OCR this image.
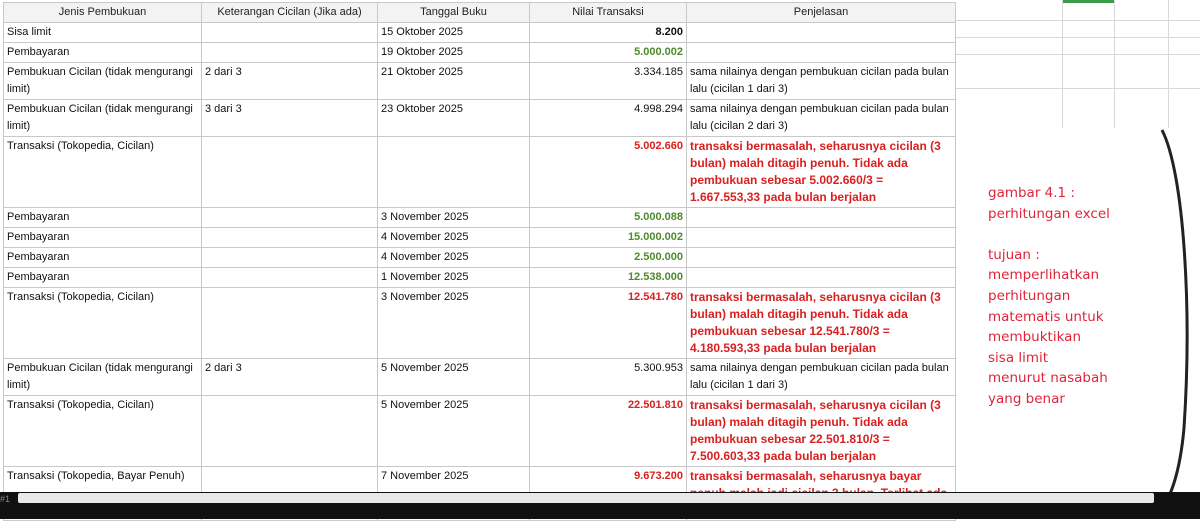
Jenis Pembukuan	Keterangan Cicilan (Jika ada)	Tanggal Buku	Nilai Transaksi	Penjelasan
Sisa limit		15 Oktober 2025	8.200	
Pembayaran		19 Oktober 2025	5.000.002	
Pembukuan Cicilan (tidak mengurangi limit)	2 dari 3	21 Oktober 2025	3.334.185	sama nilainya dengan pembukuan cicilan pada bulan lalu (cicilan 1 dari 3)
Pembukuan Cicilan (tidak mengurangi limit)	3 dari 3	23 Oktober 2025	4.998.294	sama nilainya dengan pembukuan cicilan pada bulan lalu (cicilan 2 dari 3)
Transaksi (Tokopedia, Cicilan)			5.002.660	transaksi bermasalah, seharusnya cicilan (3 bulan) malah ditagih penuh. Tidak ada pembukuan sebesar 5.002.660/3 = 1.667.553,33 pada bulan berjalan
Pembayaran		3 November 2025	5.000.088	
Pembayaran		4 November 2025	15.000.002	
Pembayaran		4 November 2025	2.500.000	
Pembayaran		1 November 2025	12.538.000	
Transaksi (Tokopedia, Cicilan)		3 November 2025	12.541.780	transaksi bermasalah, seharusnya cicilan (3 bulan) malah ditagih penuh. Tidak ada pembukuan sebesar 12.541.780/3 = 4.180.593,33 pada bulan berjalan
Pembukuan Cicilan (tidak mengurangi limit)	2 dari 3	5 November 2025	5.300.953	sama nilainya dengan pembukuan cicilan pada bulan lalu (cicilan 1 dari 3)
Transaksi (Tokopedia, Cicilan)		5 November 2025	22.501.810	transaksi bermasalah, seharusnya cicilan (3 bulan) malah ditagih penuh. Tidak ada pembukuan sebesar 22.501.810/3 = 7.500.603,33 pada bulan berjalan
Transaksi (Tokopedia, Bayar Penuh)		7 November 2025	9.673.200	transaksi bermasalah, seharusnya bayar
gambar 4.1 :
perhitungan excel

tujuan :
memperlihatkan
perhitungan
matematis untuk
membuktikan
sisa limit
menurut nasabah
yang benar
#1
